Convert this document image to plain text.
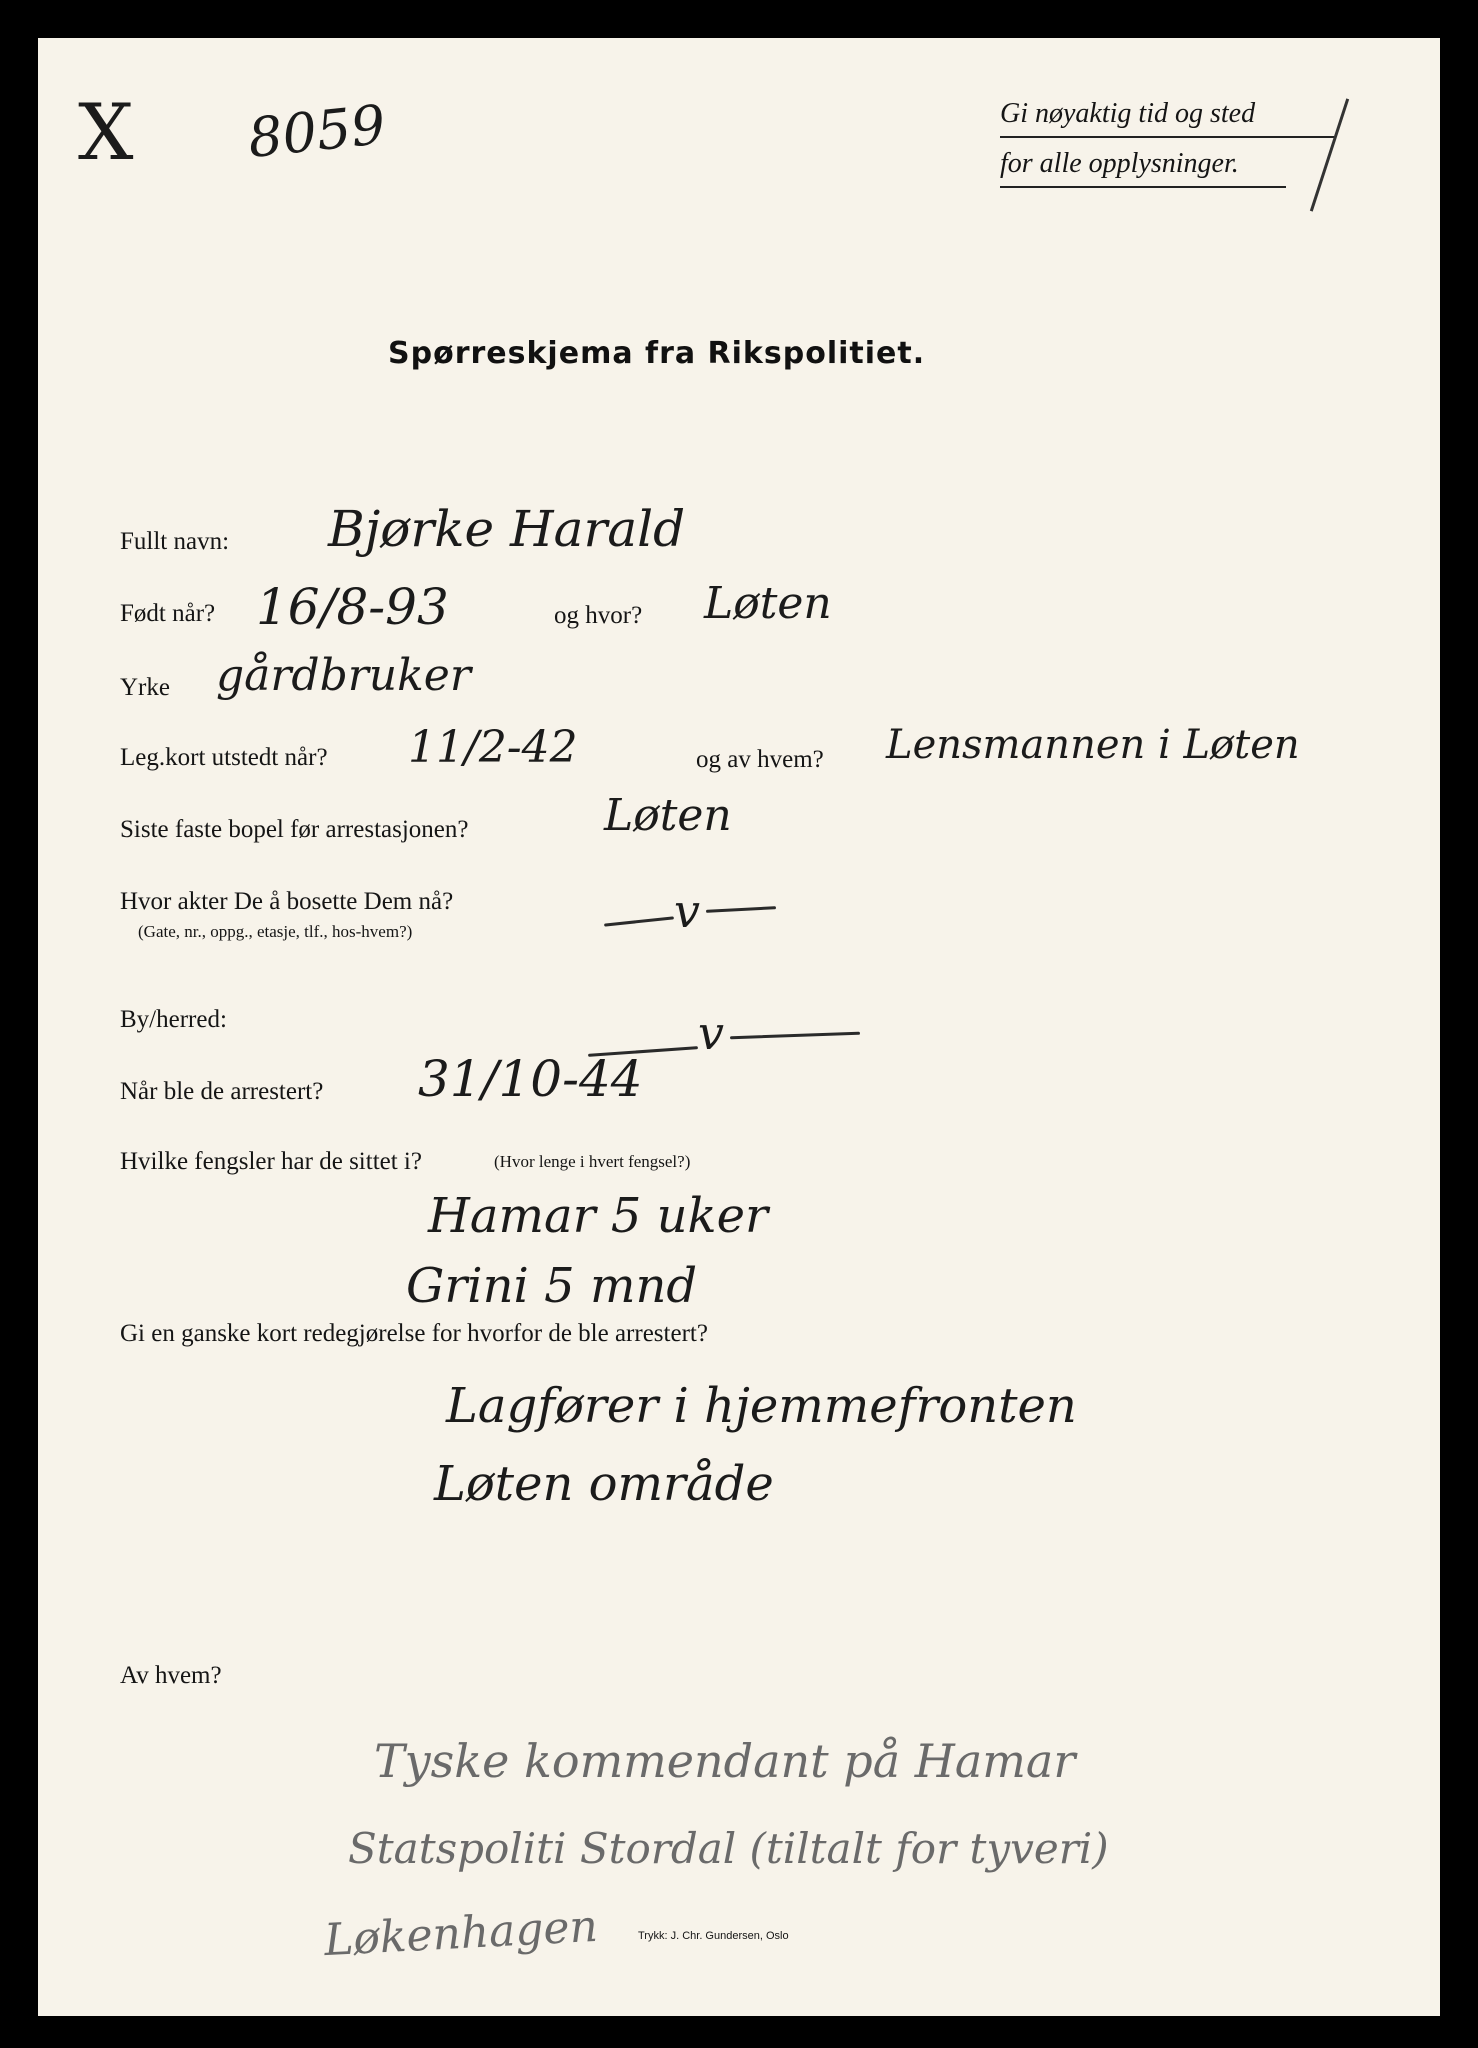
X 8059	Gi nøyaktig tid og sted
for alle opplysninger.
Spørreskjema fra Rikspolitiet.
Fullt navn: Bjørke Harald
Født når? 16/8-93	og hvor? Løten
Yrke gårdbruker
Leg.kort utstedt når? 11/2-42	og av hvem? Lensmannen i Løten
Siste faste bopel før arrestasjonen?	Løten
Hvor akter De å bosette Dem nå?
(Gate, nr., oppg., etasje, tlf., hos-hvem?)	v
By/herred:	v
Når ble de arrestert? 31/10-44
Hvilke fengsler har de sittet i?	(Hvor lenge i hvert fengsel?)
Hamar 5 uker
Grini 5 mnd
Gi en ganske kort redegjørelse for hvorfor de ble arrestert?
Lagfører i hjemmefronten
Løten område
Av hvem?
Tyske kommendant på Hamar
Statspoliti Stordal (tiltalt for tyveri)
Løkenhagen	Trykk: J. Chr. Gundersen, Oslo
